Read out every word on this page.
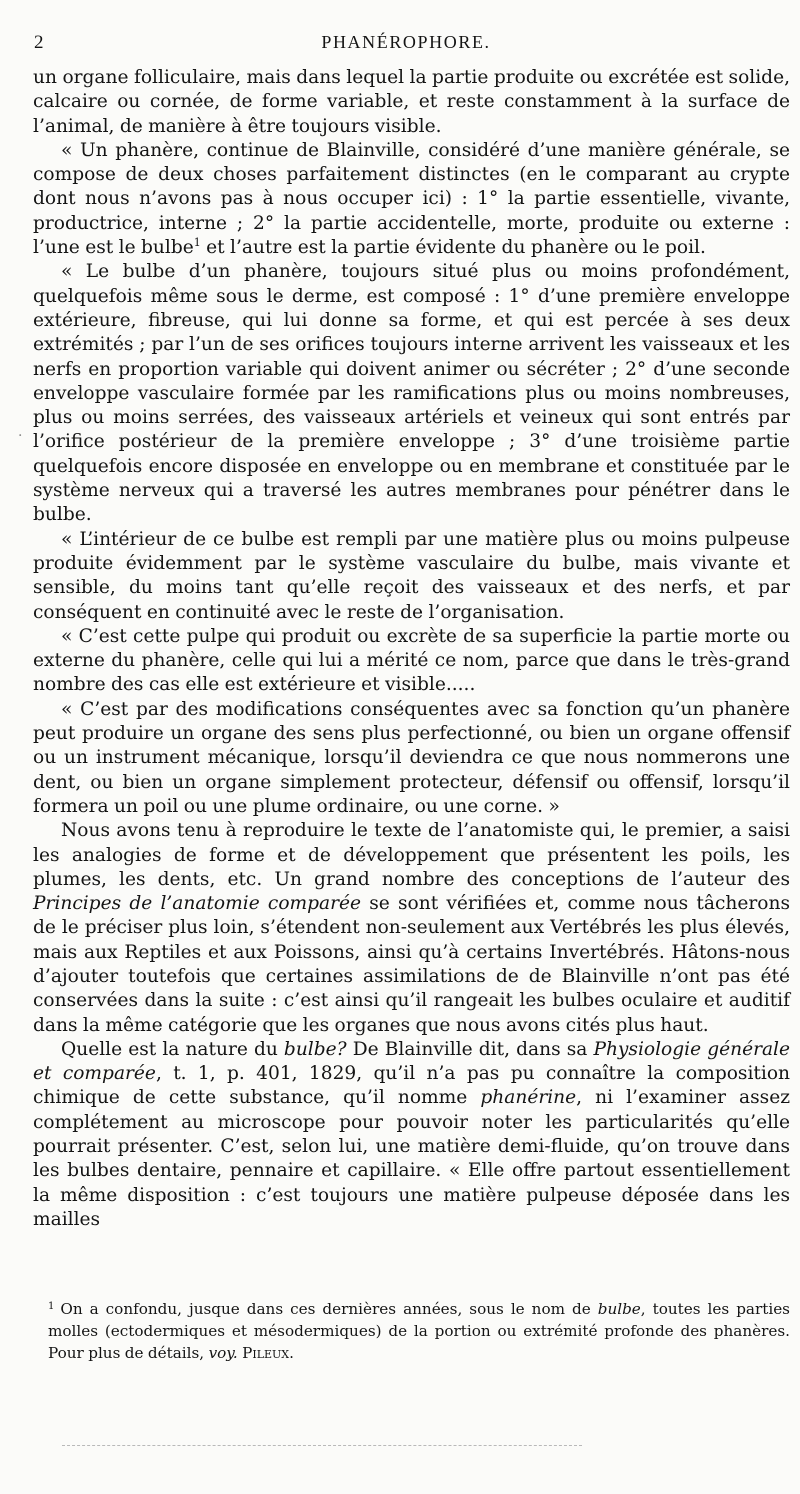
2	PHANÉROPHORE.

un organe folliculaire, mais dans lequel la partie produite ou excrétée est solide, calcaire ou cornée, de forme variable, et reste constamment à la surface de l’animal, de manière à être toujours visible.

« Un phanère, continue de Blainville, considéré d’une manière générale, se compose de deux choses parfaitement distinctes (en le comparant au crypte dont nous n’avons pas à nous occuper ici) : 1° la partie essentielle, vivante, productrice, interne ; 2° la partie accidentelle, morte, produite ou externe : l’une est le bulbe$^1$ et l’autre est la partie évidente du phanère ou le poil.

« Le bulbe d’un phanère, toujours situé plus ou moins profondément, quelquefois même sous le derme, est composé : 1° d’une première enveloppe extérieure, fibreuse, qui lui donne sa forme, et qui est percée à ses deux extrémités ; par l’un de ses orifices toujours interne arrivent les vaisseaux et les nerfs en proportion variable qui doivent animer ou sécréter ; 2° d’une seconde enveloppe vasculaire formée par les ramifications plus ou moins nombreuses, plus ou moins serrées, des vaisseaux artériels et veineux qui sont entrés par l’orifice postérieur de la première enveloppe ; 3° d’une troisième partie quelquefois encore disposée en enveloppe ou en membrane et constituée par le système nerveux qui a traversé les autres membranes pour pénétrer dans le bulbe.

« L’intérieur de ce bulbe est rempli par une matière plus ou moins pulpeuse produite évidemment par le système vasculaire du bulbe, mais vivante et sensible, du moins tant qu’elle reçoit des vaisseaux et des nerfs, et par conséquent en continuité avec le reste de l’organisation.

« C’est cette pulpe qui produit ou excrète de sa superficie la partie morte ou externe du phanère, celle qui lui a mérité ce nom, parce que dans le très-grand nombre des cas elle est extérieure et visible.....

« C’est par des modifications conséquentes avec sa fonction qu’un phanère peut produire un organe des sens plus perfectionné, ou bien un organe offensif ou un instrument mécanique, lorsqu’il deviendra ce que nous nommerons une dent, ou bien un organe simplement protecteur, défensif ou offensif, lorsqu’il formera un poil ou une plume ordinaire, ou une corne. »

Nous avons tenu à reproduire le texte de l’anatomiste qui, le premier, a saisi les analogies de forme et de développement que présentent les poils, les plumes, les dents, etc. Un grand nombre des conceptions de l’auteur des Principes de l’anatomie comparée se sont vérifiées et, comme nous tâcherons de le préciser plus loin, s’étendent non-seulement aux Vertébrés les plus élevés, mais aux Reptiles et aux Poissons, ainsi qu’à certains Invertébrés. Hâtons-nous d’ajouter toutefois que certaines assimilations de de Blainville n’ont pas été conservées dans la suite : c’est ainsi qu’il rangeait les bulbes oculaire et auditif dans la même catégorie que les organes que nous avons cités plus haut.

Quelle est la nature du bulbe? De Blainville dit, dans sa Physiologie générale et comparée, t. 1, p. 401, 1829, qu’il n’a pas pu connaître la composition chimique de cette substance, qu’il nomme phanérine, ni l’examiner assez complétement au microscope pour pouvoir noter les particularités qu’elle pourrait présenter. C’est, selon lui, une matière demi-fluide, qu’on trouve dans les bulbes dentaire, pennaire et capillaire. « Elle offre partout essentiellement la même disposition : c’est toujours une matière pulpeuse déposée dans les mailles

$^1$ On a confondu, jusque dans ces dernières années, sous le nom de bulbe, toutes les parties molles (ectodermiques et mésodermiques) de la portion ou extrémité profonde des phanères. Pour plus de détails, voy. Pileux.

·
